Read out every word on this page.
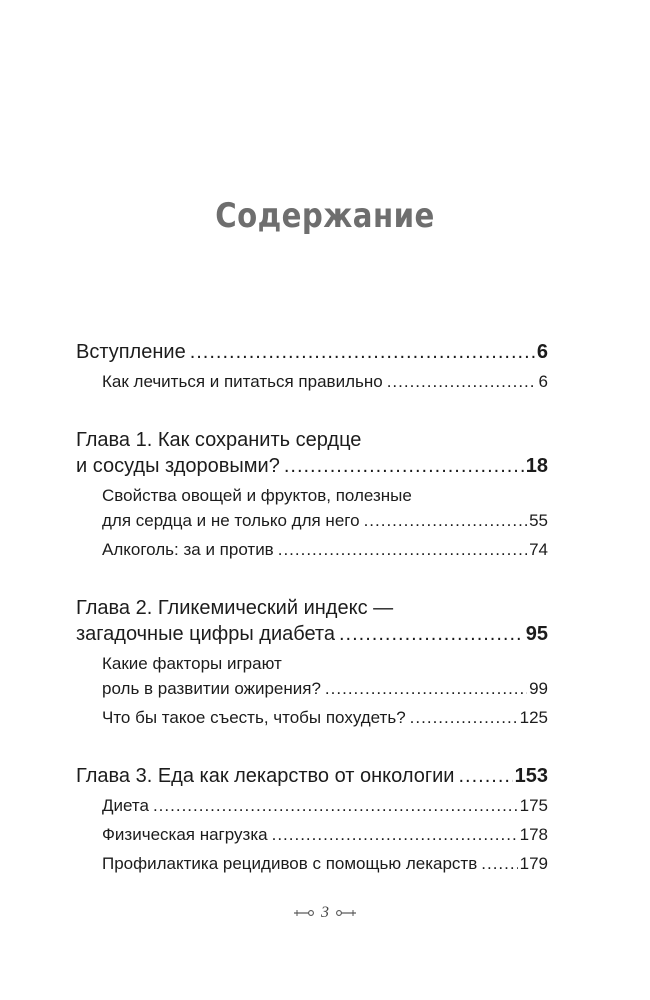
Содержание
Вступление .....	6
Как лечиться и питаться правильно .....	6
Глава 1. Как сохранить сердце
и сосуды здоровыми? .....	18
Свойства овощей и фруктов, полезные
для сердца и не только для него .....	55
Алкоголь: за и против .....	74
Глава 2. Гликемический индекс —
загадочные цифры диабета .....	95
Какие факторы играют
роль в развитии ожирения? .....	99
Что бы такое съесть, чтобы похудеть? .....	125
Глава 3. Еда как лекарство от онкологии .....	153
Диета .....	175
Физическая нагрузка .....	178
Профилактика рецидивов с помощью лекарств ..... 179
3
